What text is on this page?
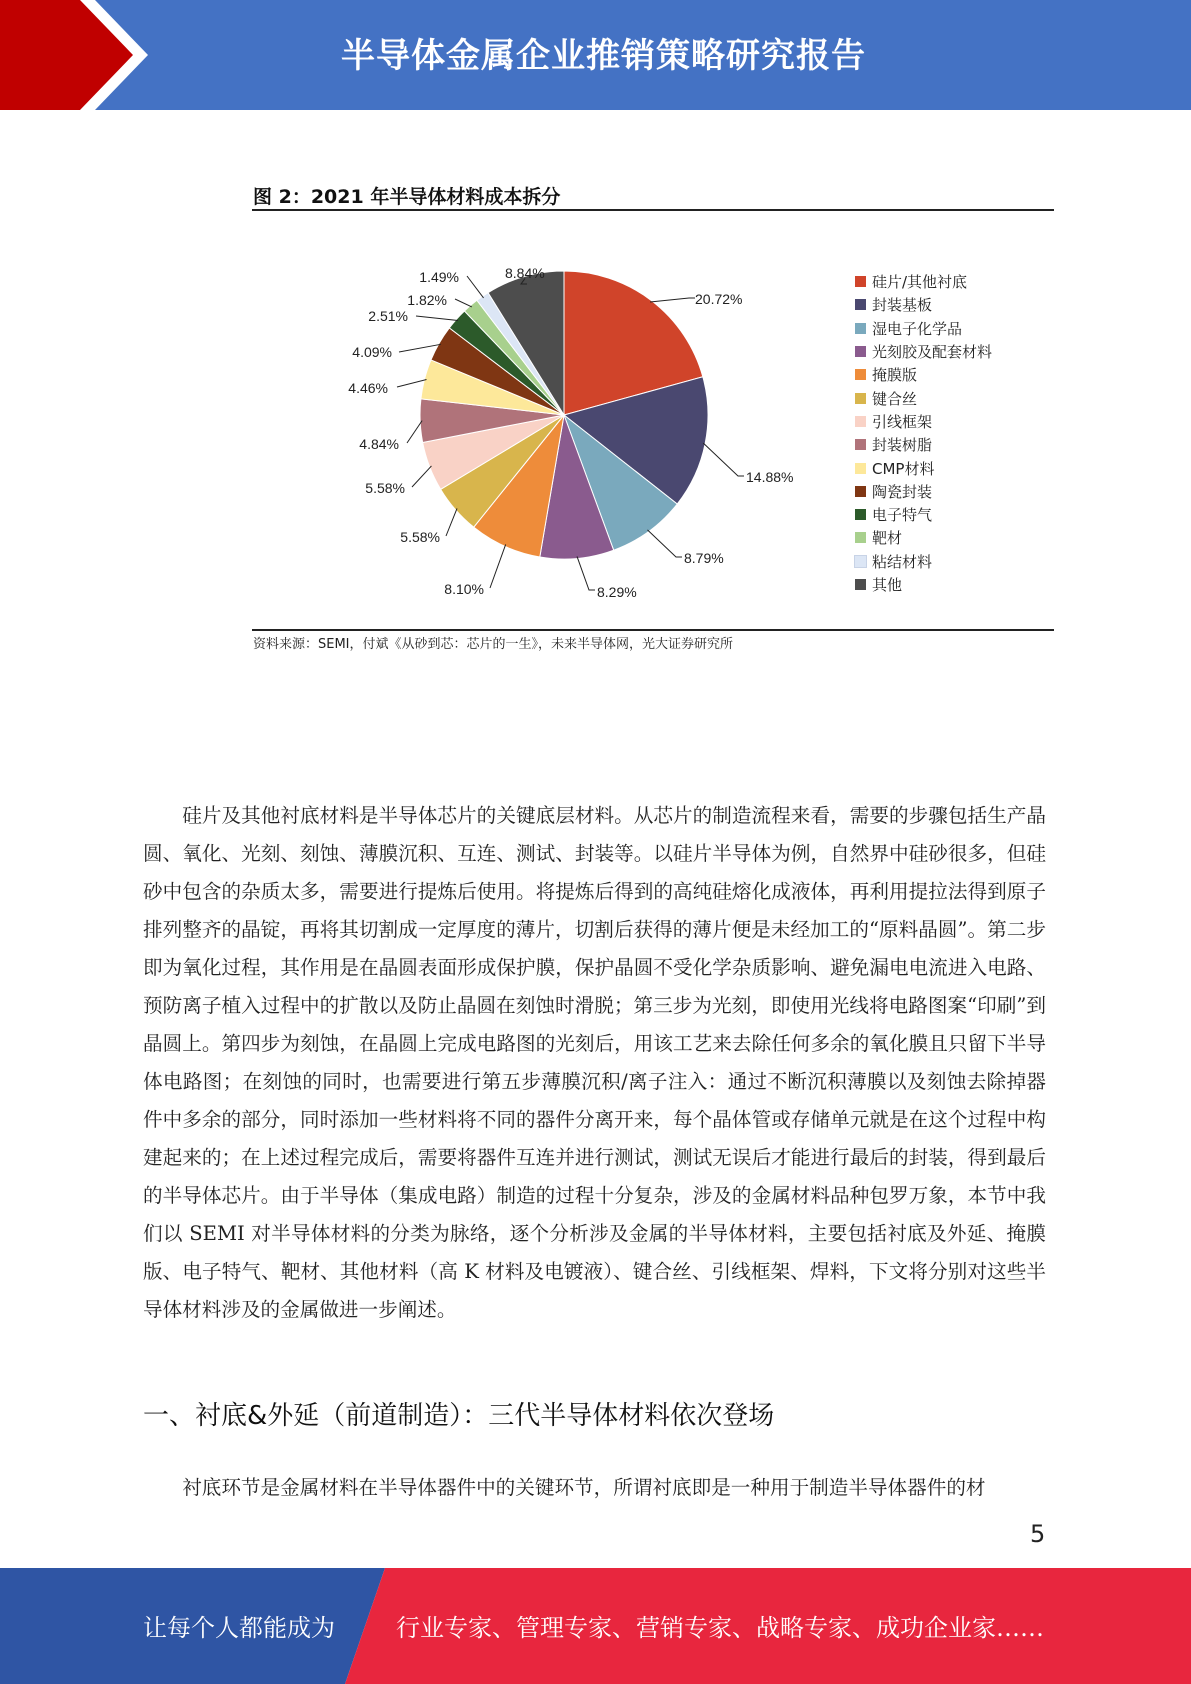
半导体金属企业推销策略研究报告
图 2：2021 年半导体材料成本拆分
20.72%
14.88%
8.79%
8.29%
8.10%
5.58%
5.58%
4.84%
4.46%
4.09%
2.51%
1.82%
1.49%	8.84%
硅片/其他衬底
封装基板
湿电子化学品
光刻胶及配套材料
掩膜版
键合丝
引线框架
封装树脂
CMP材料
陶瓷封装
电子特气
靶材
粘结材料
其他
资料来源：SEMI，付斌《从砂到芯：芯片的一生》，未来半导体网，光大证券研究所

硅片及其他衬底材料是半导体芯片的关键底层材料。从芯片的制造流程来看，需要的步骤包括生产晶圆、氧化、光刻、刻蚀、薄膜沉积、互连、测试、封装等。以硅片半导体为例，自然界中硅砂很多，但硅砂中包含的杂质太多，需要进行提炼后使用。将提炼后得到的高纯硅熔化成液体，再利用提拉法得到原子排列整齐的晶锭，再将其切割成一定厚度的薄片，切割后获得的薄片便是未经加工的“原料晶圆”。第二步即为氧化过程，其作用是在晶圆表面形成保护膜，保护晶圆不受化学杂质影响、避免漏电电流进入电路、预防离子植入过程中的扩散以及防止晶圆在刻蚀时滑脱；第三步为光刻，即使用光线将电路图案“印刷”到晶圆上。第四步为刻蚀，在晶圆上完成电路图的光刻后，用该工艺来去除任何多余的氧化膜且只留下半导体电路图；在刻蚀的同时，也需要进行第五步薄膜沉积/离子注入：通过不断沉积薄膜以及刻蚀去除掉器件中多余的部分，同时添加一些材料将不同的器件分离开来，每个晶体管或存储单元就是在这个过程中构建起来的；在上述过程完成后，需要将器件互连并进行测试，测试无误后才能进行最后的封装，得到最后的半导体芯片。由于半导体（集成电路）制造的过程十分复杂，涉及的金属材料品种包罗万象，本节中我们以 SEMI 对半导体材料的分类为脉络，逐个分析涉及金属的半导体材料，主要包括衬底及外延、掩膜版、电子特气、靶材、其他材料（高 K 材料及电镀液）、键合丝、引线框架、焊料，下文将分别对这些半导体材料涉及的金属做进一步阐述。

一、衬底&外延（前道制造）：三代半导体材料依次登场

衬底环节是金属材料在半导体器件中的关键环节，所谓衬底即是一种用于制造半导体器件的材

5
让每个人都能成为	行业专家、管理专家、营销专家、战略专家、成功企业家……
